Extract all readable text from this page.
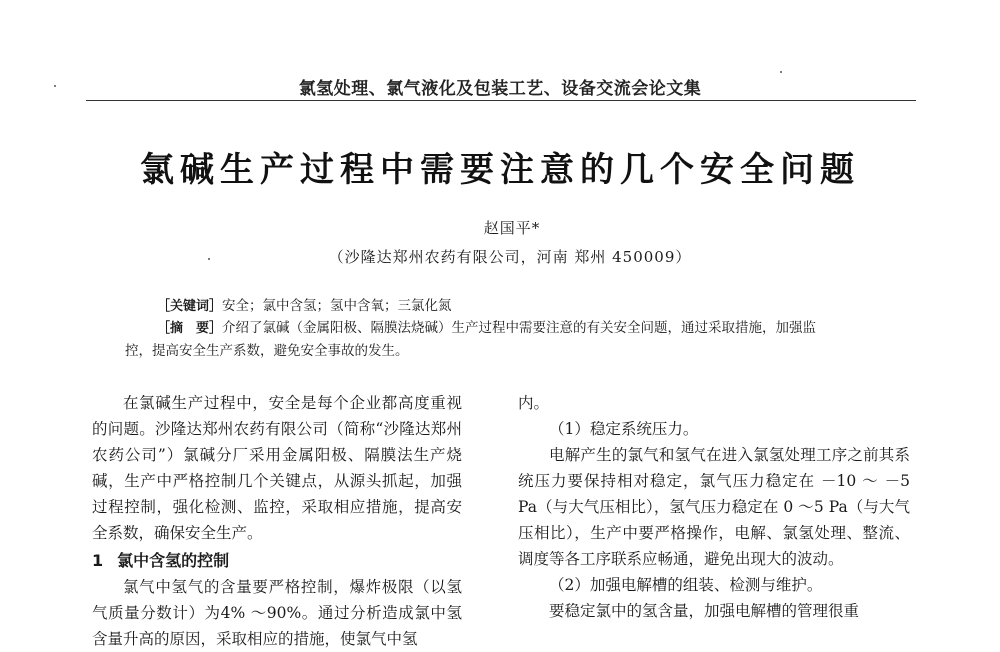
氯氢处理、氯气液化及包装工艺、设备交流会论文集
氯碱生产过程中需要注意的几个安全问题
赵国平*
（沙隆达郑州农药有限公司，河南 郑州 450009）
［关键词］安全；氯中含氢；氢中含氧；三氯化氮
［摘　要］介绍了氯碱（金属阳极、隔膜法烧碱）生产过程中需要注意的有关安全问题，通过采取措施，加强监
控，提高安全生产系数，避免安全事故的发生。

在氯碱生产过程中，安全是每个企业都高度重视的问题。沙隆达郑州农药有限公司（简称“沙隆达郑州农药公司”）氯碱分厂采用金属阳极、隔膜法生产烧碱，生产中严格控制几个关键点，从源头抓起，加强过程控制，强化检测、监控，采取相应措施，提高安全系数，确保安全生产。

1 氯中含氢的控制

氯气中氢气的含量要严格控制，爆炸极限（以氢气质量分数计）为4% ～90%。通过分析造成氯中氢含量升高的原因，采取相应的措施，使氯气中氢

内。

（1）稳定系统压力。

电解产生的氯气和氢气在进入氯氢处理工序之前其系统压力要保持相对稳定，氯气压力稳定在 －10 ～ －5 Pa（与大气压相比），氢气压力稳定在 0 ～5 Pa（与大气压相比），生产中要严格操作，电解、氯氢处理、整流、调度等各工序联系应畅通，避免出现大的波动。

（2）加强电解槽的组装、检测与维护。

要稳定氯中的氢含量，加强电解槽的管理很重
